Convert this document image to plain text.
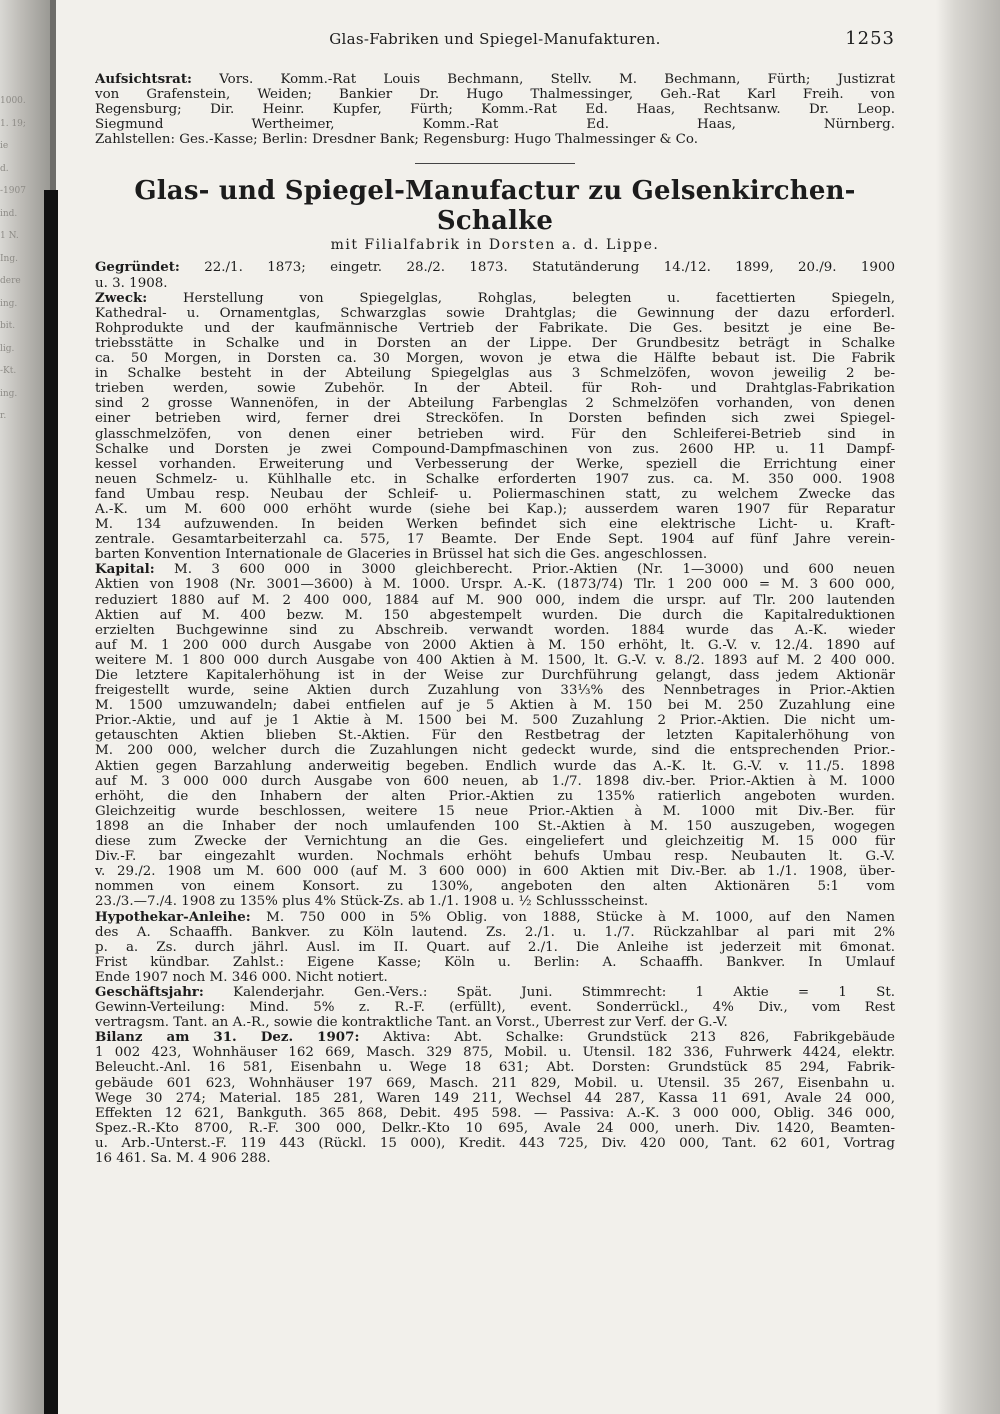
1000.
1. 19;
ie
d.
-1907
ind.
1 N.
Ing.
dere
ing.
bit.
lig.
-Kt.
ing.
r.
Glas-Fabriken und Spiegel-Manufakturen.	1253
Aufsichtsrat: Vors. Komm.-Rat Louis Bechmann, Stellv. M. Bechmann, Fürth; Justizrat
von Grafenstein, Weiden; Bankier Dr. Hugo Thalmessinger, Geh.-Rat Karl Freih. von
Regensburg; Dir. Heinr. Kupfer, Fürth; Komm.-Rat Ed. Haas, Rechtsanw. Dr. Leop.
Siegmund Wertheimer, Komm.-Rat Ed. Haas, Nürnberg.
Zahlstellen: Ges.-Kasse; Berlin: Dresdner Bank; Regensburg: Hugo Thalmessinger & Co.
Glas- und Spiegel-Manufactur zu Gelsenkirchen-Schalke
mit Filialfabrik in Dorsten a. d. Lippe.
Gegründet: 22./1. 1873; eingetr. 28./2. 1873. Statutänderung 14./12. 1899, 20./9. 1900
u. 3. 1908.
Zweck: Herstellung von Spiegelglas, Rohglas, belegten u. facettierten Spiegeln,
Kathedral- u. Ornamentglas, Schwarzglas sowie Drahtglas; die Gewinnung der dazu erforderl.
Rohprodukte und der kaufmännische Vertrieb der Fabrikate. Die Ges. besitzt je eine Be-
triebsstätte in Schalke und in Dorsten an der Lippe. Der Grundbesitz beträgt in Schalke
ca. 50 Morgen, in Dorsten ca. 30 Morgen, wovon je etwa die Hälfte bebaut ist. Die Fabrik
in Schalke besteht in der Abteilung Spiegelglas aus 3 Schmelzöfen, wovon jeweilig 2 be-
trieben werden, sowie Zubehör. In der Abteil. für Roh- und Drahtglas-Fabrikation
sind 2 grosse Wannenöfen, in der Abteilung Farbenglas 2 Schmelzöfen vorhanden, von denen
einer betrieben wird, ferner drei Strecköfen. In Dorsten befinden sich zwei Spiegel-
glasschmelzöfen, von denen einer betrieben wird. Für den Schleiferei-Betrieb sind in
Schalke und Dorsten je zwei Compound-Dampfmaschinen von zus. 2600 HP. u. 11 Dampf-
kessel vorhanden. Erweiterung und Verbesserung der Werke, speziell die Errichtung einer
neuen Schmelz- u. Kühlhalle etc. in Schalke erforderten 1907 zus. ca. M. 350 000. 1908
fand Umbau resp. Neubau der Schleif- u. Poliermaschinen statt, zu welchem Zwecke das
A.-K. um M. 600 000 erhöht wurde (siehe bei Kap.); ausserdem waren 1907 für Reparatur
M. 134 aufzuwenden. In beiden Werken befindet sich eine elektrische Licht- u. Kraft-
zentrale. Gesamtarbeiterzahl ca. 575, 17 Beamte. Der Ende Sept. 1904 auf fünf Jahre verein-
barten Konvention Internationale de Glaceries in Brüssel hat sich die Ges. angeschlossen.
Kapital: M. 3 600 000 in 3000 gleichberecht. Prior.-Aktien (Nr. 1—3000) und 600 neuen
Aktien von 1908 (Nr. 3001—3600) à M. 1000. Urspr. A.-K. (1873/74) Tlr. 1 200 000 = M. 3 600 000,
reduziert 1880 auf M. 2 400 000, 1884 auf M. 900 000, indem die urspr. auf Tlr. 200 lautenden
Aktien auf M. 400 bezw. M. 150 abgestempelt wurden. Die durch die Kapitalreduktionen
erzielten Buchgewinne sind zu Abschreib. verwandt worden. 1884 wurde das A.-K. wieder
auf M. 1 200 000 durch Ausgabe von 2000 Aktien à M. 150 erhöht, lt. G.-V. v. 12./4. 1890 auf
weitere M. 1 800 000 durch Ausgabe von 400 Aktien à M. 1500, lt. G.-V. v. 8./2. 1893 auf M. 2 400 000.
Die letztere Kapitalerhöhung ist in der Weise zur Durchführung gelangt, dass jedem Aktionär
freigestellt wurde, seine Aktien durch Zuzahlung von 33⅓% des Nennbetrages in Prior.-Aktien
M. 1500 umzuwandeln; dabei entfielen auf je 5 Aktien à M. 150 bei M. 250 Zuzahlung eine
Prior.-Aktie, und auf je 1 Aktie à M. 1500 bei M. 500 Zuzahlung 2 Prior.-Aktien. Die nicht um-
getauschten Aktien blieben St.-Aktien. Für den Restbetrag der letzten Kapitalerhöhung von
M. 200 000, welcher durch die Zuzahlungen nicht gedeckt wurde, sind die entsprechenden Prior.-
Aktien gegen Barzahlung anderweitig begeben. Endlich wurde das A.-K. lt. G.-V. v. 11./5. 1898
auf M. 3 000 000 durch Ausgabe von 600 neuen, ab 1./7. 1898 div.-ber. Prior.-Aktien à M. 1000
erhöht, die den Inhabern der alten Prior.-Aktien zu 135% ratierlich angeboten wurden.
Gleichzeitig wurde beschlossen, weitere 15 neue Prior.-Aktien à M. 1000 mit Div.-Ber. für
1898 an die Inhaber der noch umlaufenden 100 St.-Aktien à M. 150 auszugeben, wogegen
diese zum Zwecke der Vernichtung an die Ges. eingeliefert und gleichzeitig M. 15 000 für
Div.-F. bar eingezahlt wurden. Nochmals erhöht behufs Umbau resp. Neubauten lt. G.-V.
v. 29./2. 1908 um M. 600 000 (auf M. 3 600 000) in 600 Aktien mit Div.-Ber. ab 1./1. 1908, über-
nommen von einem Konsort. zu 130%, angeboten den alten Aktionären 5:1 vom
23./3.—7./4. 1908 zu 135% plus 4% Stück-Zs. ab 1./1. 1908 u. ½ Schlussscheinst.
Hypothekar-Anleihe: M. 750 000 in 5% Oblig. von 1888, Stücke à M. 1000, auf den Namen
des A. Schaaffh. Bankver. zu Köln lautend. Zs. 2./1. u. 1./7. Rückzahlbar al pari mit 2%
p. a. Zs. durch jährl. Ausl. im II. Quart. auf 2./1. Die Anleihe ist jederzeit mit 6monat.
Frist kündbar. Zahlst.: Eigene Kasse; Köln u. Berlin: A. Schaaffh. Bankver. In Umlauf
Ende 1907 noch M. 346 000. Nicht notiert.
Geschäftsjahr: Kalenderjahr. Gen.-Vers.: Spät. Juni. Stimmrecht: 1 Aktie = 1 St.
Gewinn-Verteilung: Mind. 5% z. R.-F. (erfüllt), event. Sonderrückl., 4% Div., vom Rest
vertragsm. Tant. an A.-R., sowie die kontraktliche Tant. an Vorst., Überrest zur Verf. der G.-V.
Bilanz am 31. Dez. 1907: Aktiva: Abt. Schalke: Grundstück 213 826, Fabrikgebäude
1 002 423, Wohnhäuser 162 669, Masch. 329 875, Mobil. u. Utensil. 182 336, Fuhrwerk 4424, elektr.
Beleucht.-Anl. 16 581, Eisenbahn u. Wege 18 631; Abt. Dorsten: Grundstück 85 294, Fabrik-
gebäude 601 623, Wohnhäuser 197 669, Masch. 211 829, Mobil. u. Utensil. 35 267, Eisenbahn u.
Wege 30 274; Material. 185 281, Waren 149 211, Wechsel 44 287, Kassa 11 691, Avale 24 000,
Effekten 12 621, Bankguth. 365 868, Debit. 495 598. — Passiva: A.-K. 3 000 000, Oblig. 346 000,
Spez.-R.-Kto 8700, R.-F. 300 000, Delkr.-Kto 10 695, Avale 24 000, unerh. Div. 1420, Beamten-
u. Arb.-Unterst.-F. 119 443 (Rückl. 15 000), Kredit. 443 725, Div. 420 000, Tant. 62 601, Vortrag
16 461. Sa. M. 4 906 288.
